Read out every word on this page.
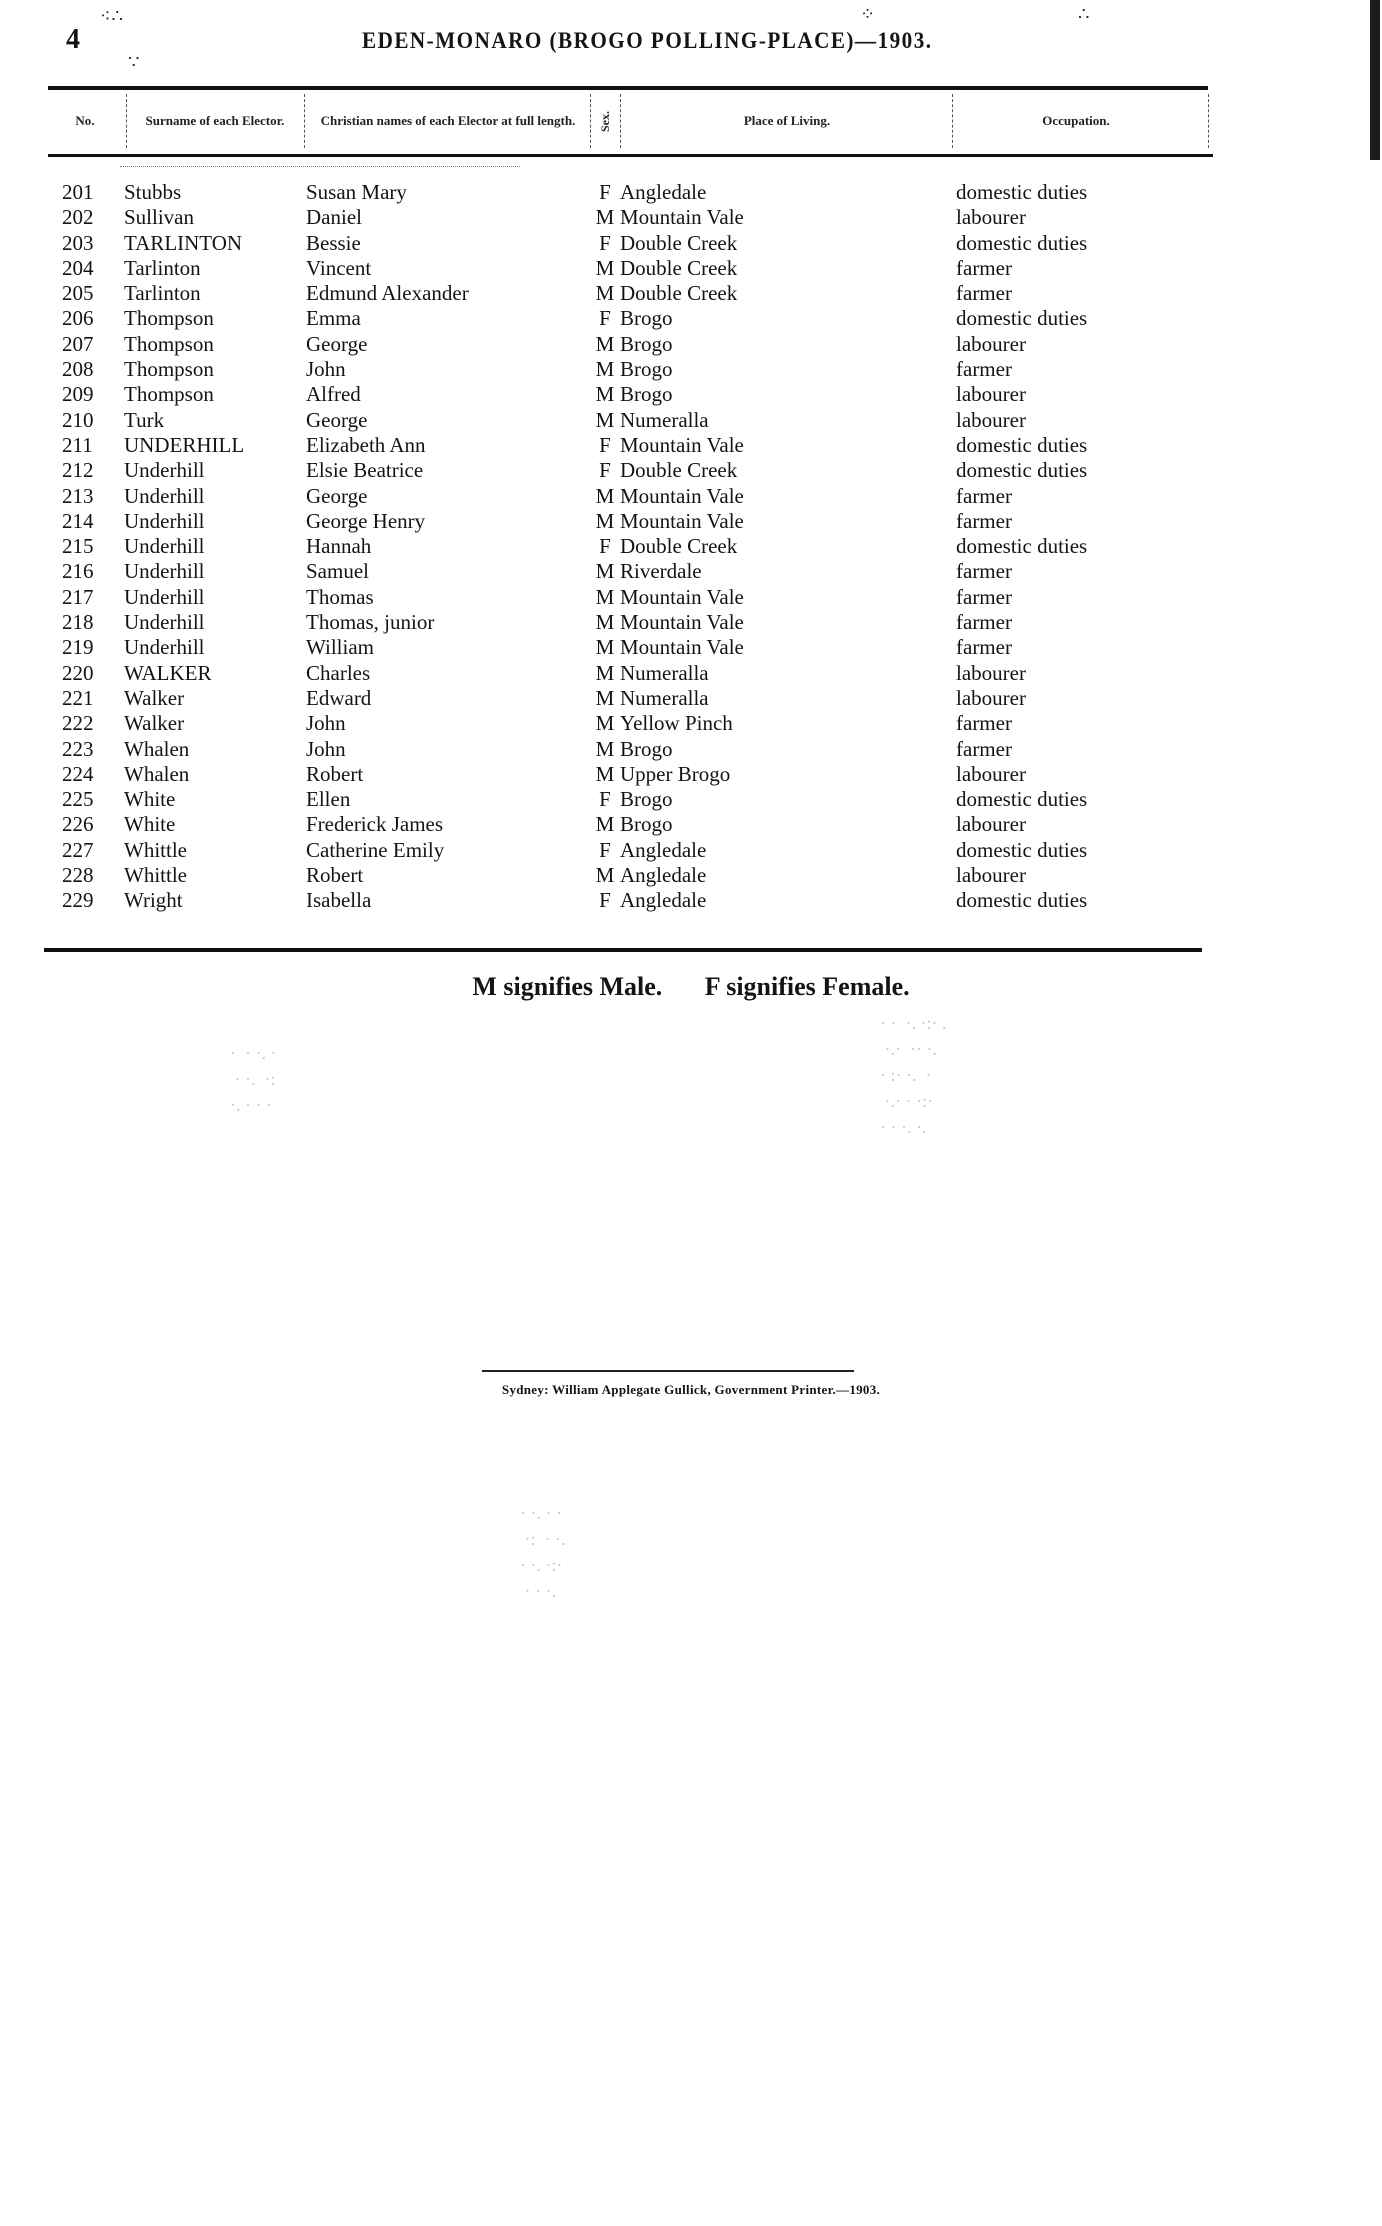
⁖∴
∵
∴
⁘
4	EDEN-MONARO (BROGO POLLING-PLACE)—1903.
No.	Surname of each Elector.	Christian names of each Elector at full length.	Sex.	Place of Living.	Occupation.
201 Stubbs	Susan Mary	F Angledale	domestic duties
202 Sullivan	Daniel	M Mountain Vale	labourer
203 TARLINTON	Bessie	F Double Creek	domestic duties
204 Tarlinton	Vincent	M Double Creek	farmer
205 Tarlinton	Edmund Alexander	M Double Creek	farmer
206 Thompson	Emma	F Brogo	domestic duties
207 Thompson	George	M Brogo	labourer
208 Thompson	John	M Brogo	farmer
209 Thompson	Alfred	M Brogo	labourer
210 Turk	George	M Numeralla	labourer
211 UNDERHILL	Elizabeth Ann	F Mountain Vale	domestic duties
212 Underhill	Elsie Beatrice	F Double Creek	domestic duties
213 Underhill	George	M Mountain Vale	farmer
214 Underhill	George Henry	M Mountain Vale	farmer
215 Underhill	Hannah	F Double Creek	domestic duties
216 Underhill	Samuel	M Riverdale	farmer
217 Underhill	Thomas	M Mountain Vale	farmer
218 Underhill	Thomas, junior	M Mountain Vale	farmer
219 Underhill	William	M Mountain Vale	farmer
220 WALKER	Charles	M Numeralla	labourer
221 Walker	Edward	M Numeralla	labourer
222 Walker	John	M Yellow Pinch	farmer
223 Whalen	John	M Brogo	farmer
224 Whalen	Robert	M Upper Brogo	labourer
225 White	Ellen	F Brogo	domestic duties
226 White	Frederick James	M Brogo	labourer
227 Whittle	Catherine Emily	F Angledale	domestic duties
228 Whittle	Robert	M Angledale	labourer
229 Wright	Isabella	F Angledale	domestic duties
M signifies Male. F signifies Female.
Sydney: William Applegate Gullick, Government Printer.—1903.
· ·  ·. ·:· .
·.·  ·· ·.
· :· ·.  ·
·.· · ·:·
· · ·. ·.
·  · ·. ·
· ·.  ·:
·. · · ·
· ·. · ·
·:  · ·.
· ·. ·:·
· · ·.
